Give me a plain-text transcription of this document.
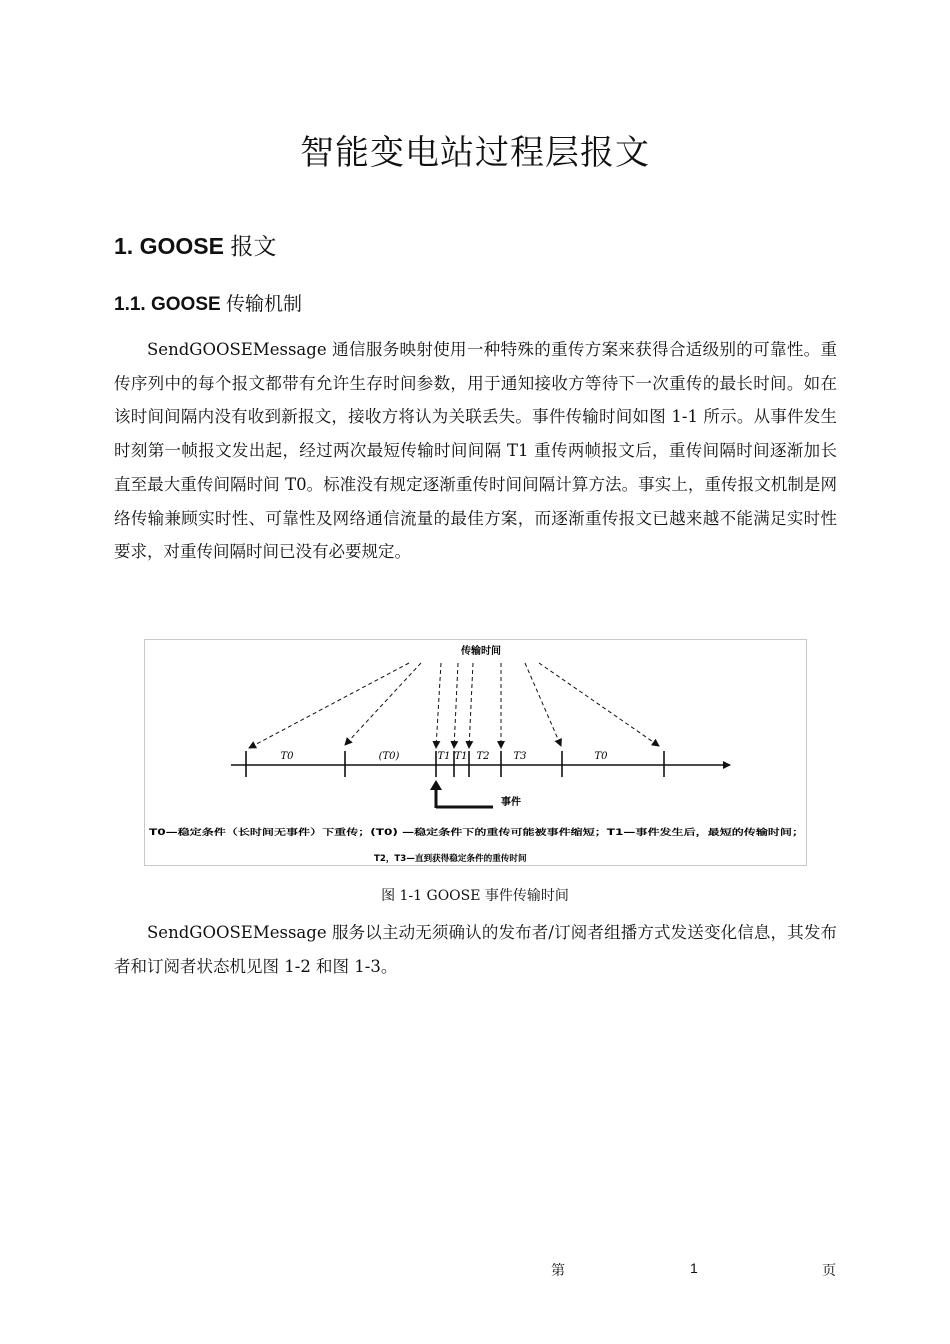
智能变电站过程层报文
1. GOOSE 报文
1.1. GOOSE 传输机制

SendGOOSEMessage 通信服务映射使用一种特殊的重传方案来获得合适级别的可靠性。重传序列中的每个报文都带有允许生存时间参数，用于通知接收方等待下一次重传的最长时间。如在该时间间隔内没有收到新报文，接收方将认为关联丢失。事件传输时间如图 1-1 所示。从事件发生时刻第一帧报文发出起，经过两次最短传输时间间隔 T1 重传两帧报文后，重传间隔时间逐渐加长直至最大重传间隔时间 T0。标准没有规定逐渐重传时间间隔计算方法。事实上，重传报文机制是网络传输兼顾实时性、可靠性及网络通信流量的最佳方案，而逐渐重传报文已越来越不能满足实时性要求，对重传间隔时间已没有必要规定。

传输时间
T0	(T0)	T1 T1 T2 T3	T0
事件
T0—稳定条件（长时间无事件）下重传；(T0) —稳定条件下的重传可能被事件缩短；T1—事件发生后，最短的传输时间；
T2，T3—直到获得稳定条件的重传时间

图 1-1 GOOSE 事件传输时间

SendGOOSEMessage 服务以主动无须确认的发布者/订阅者组播方式发送变化信息，其发布者和订阅者状态机见图 1-2 和图 1-3。

第	1	页
